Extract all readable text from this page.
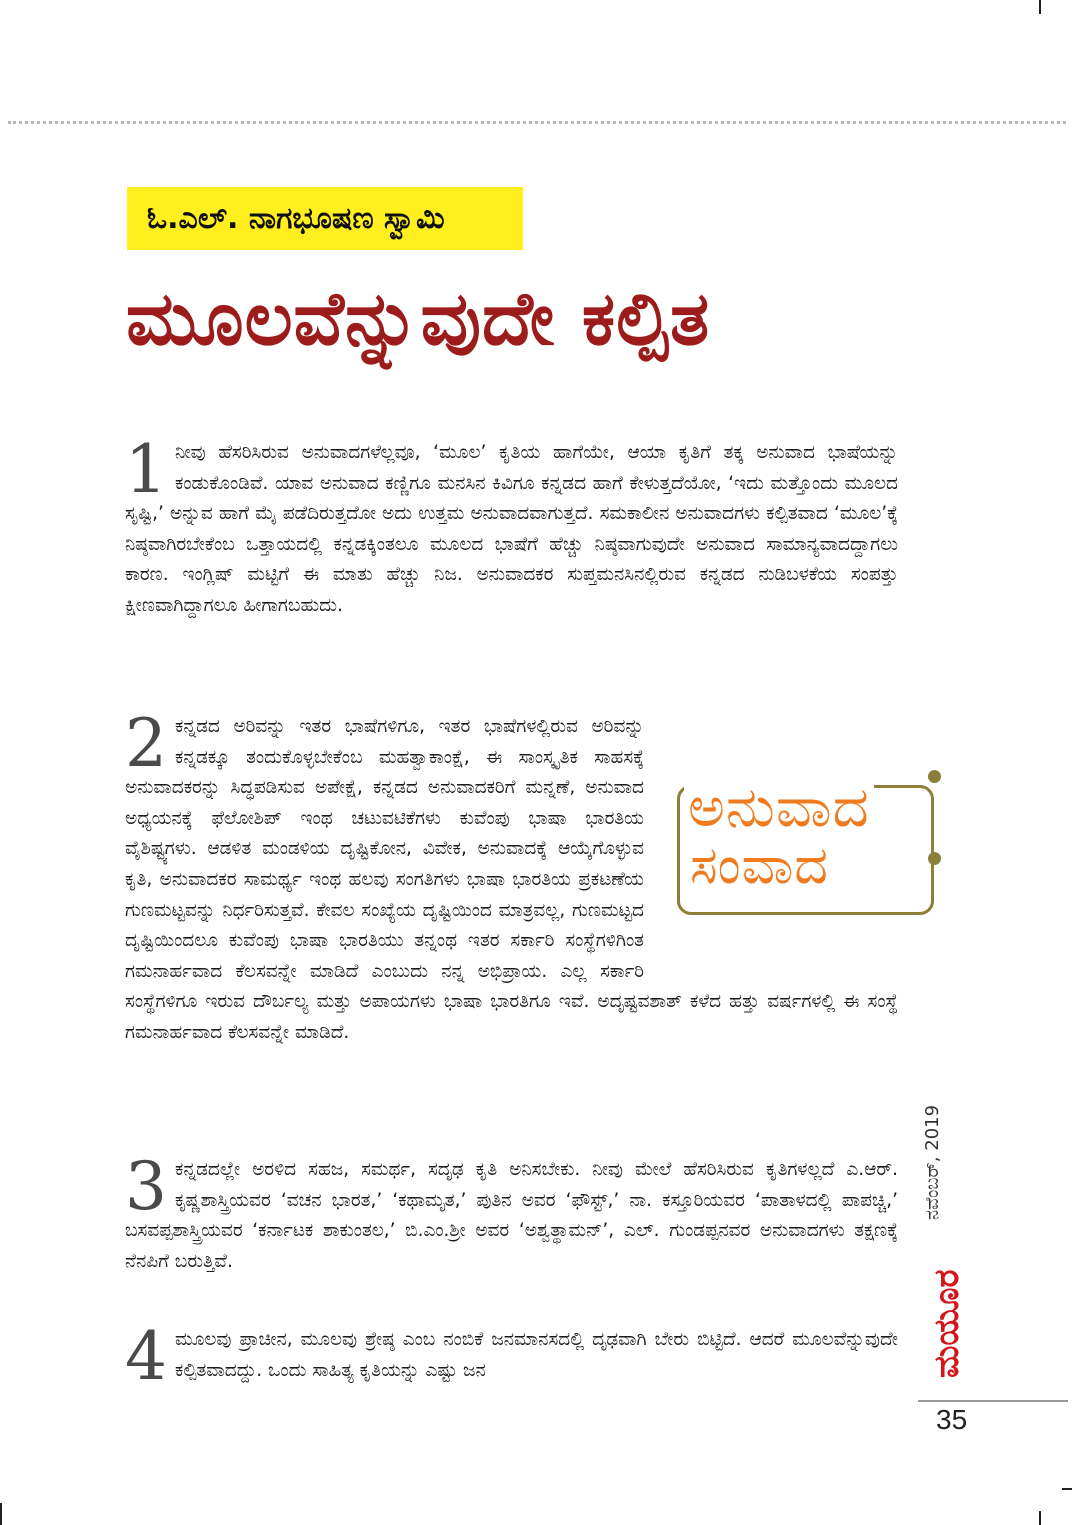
ಓ.ಎಲ್. ನಾಗಭೂಷಣ ಸ್ವಾಮಿ
ಮೂಲವೆನ್ನುವುದೇ ಕಲ್ಪಿತ
1 ನೀವು ಹೆಸರಿಸಿರುವ ಅನುವಾದಗಳೆಲ್ಲವೂ, ‘ಮೂಲ’ ಕೃತಿಯ ಹಾಗೆಯೇ, ಆಯಾ ಕೃತಿಗೆ ತಕ್ಕ ಅನುವಾದ ಭಾಷೆಯನ್ನು ಕಂಡುಕೊಂಡಿವೆ. ಯಾವ ಅನುವಾದ ಕಣ್ಣಿಗೂ ಮನಸಿನ ಕಿವಿಗೂ ಕನ್ನಡದ ಹಾಗೆ ಕೇಳುತ್ತದೆಯೋ, ‘ಇದು ಮತ್ತೊಂದು ಮೂಲದ ಸೃಷ್ಟಿ,’ ಅನ್ನುವ ಹಾಗೆ ಮೈ ಪಡೆದಿರುತ್ತದೋ ಅದು ಉತ್ತಮ ಅನುವಾದವಾಗುತ್ತದೆ. ಸಮಕಾಲೀನ ಅನುವಾದಗಳು ಕಲ್ಪಿತವಾದ ‘ಮೂಲ’ಕ್ಕೆ ನಿಷ್ಠವಾಗಿರಬೇಕೆಂಬ ಒತ್ತಾಯದಲ್ಲಿ ಕನ್ನಡಕ್ಕಿಂತಲೂ ಮೂಲದ ಭಾಷೆಗೆ ಹೆಚ್ಚು ನಿಷ್ಠವಾಗುವುದೇ ಅನುವಾದ ಸಾಮಾನ್ಯವಾದದ್ದಾಗಲು ಕಾರಣ. ಇಂಗ್ಲಿಷ್ ಮಟ್ಟಿಗೆ ಈ ಮಾತು ಹೆಚ್ಚು ನಿಜ. ಅನುವಾದಕರ ಸುಪ್ತಮನಸಿನಲ್ಲಿರುವ ಕನ್ನಡದ ನುಡಿಬಳಕೆಯ ಸಂಪತ್ತು ಕ್ಷೀಣವಾಗಿದ್ದಾಗಲೂ ಹೀಗಾಗಬಹುದು.
2 ಕನ್ನಡದ ಅರಿವನ್ನು ಇತರ ಭಾಷೆಗಳಿಗೂ, ಇತರ ಭಾಷೆಗಳಲ್ಲಿರುವ ಅರಿವನ್ನು ಕನ್ನಡಕ್ಕೂ ತಂದುಕೊಳ್ಳಬೇಕೆಂಬ ಮಹತ್ವಾಕಾಂಕ್ಷೆ, ಈ ಸಾಂಸ್ಕೃತಿಕ ಸಾಹಸಕ್ಕೆ ಅನುವಾದಕರನ್ನು ಸಿದ್ಧಪಡಿಸುವ ಅಪೇಕ್ಷೆ, ಕನ್ನಡದ ಅನುವಾದಕರಿಗೆ ಮನ್ನಣೆ, ಅನುವಾದ ಅಧ್ಯಯನಕ್ಕೆ ಫೆಲೋಶಿಪ್ ಇಂಥ ಚಟುವಟಿಕೆಗಳು ಕುವೆಂಪು ಭಾಷಾ ಭಾರತಿಯ ವೈಶಿಷ್ಟ್ಯಗಳು. ಆಡಳಿತ ಮಂಡಳಿಯ ದೃಷ್ಟಿಕೋನ, ವಿವೇಕ, ಅನುವಾದಕ್ಕೆ ಆಯ್ಕೆಗೊಳ್ಳುವ ಕೃತಿ, ಅನುವಾದಕರ ಸಾಮರ್ಥ್ಯ ಇಂಥ ಹಲವು ಸಂಗತಿಗಳು ಭಾಷಾ ಭಾರತಿಯ ಪ್ರಕಟಣೆಯ ಗುಣಮಟ್ಟವನ್ನು ನಿರ್ಧರಿಸುತ್ತವೆ. ಕೇವಲ ಸಂಖ್ಯೆಯ ದೃಷ್ಟಿಯಿಂದ ಮಾತ್ರವಲ್ಲ, ಗುಣಮಟ್ಟದ ದೃಷ್ಟಿಯಿಂದಲೂ ಕುವೆಂಪು ಭಾಷಾ ಭಾರತಿಯು ತನ್ನಂಥ ಇತರ ಸರ್ಕಾರಿ ಸಂಸ್ಥೆಗಳಿಗಿಂತ ಗಮನಾರ್ಹವಾದ ಕೆಲಸವನ್ನೇ ಮಾಡಿದೆ ಎಂಬುದು ನನ್ನ ಅಭಿಪ್ರಾಯ. ಎಲ್ಲ ಸರ್ಕಾರಿ ಸಂಸ್ಥೆಗಳಿಗೂ ಇರುವ ದೌರ್ಬಲ್ಯ ಮತ್ತು ಅಪಾಯಗಳು ಭಾಷಾ ಭಾರತಿಗೂ ಇವೆ. ಅದೃಷ್ಟವಶಾತ್ ಕಳೆದ ಹತ್ತು ವರ್ಷಗಳಲ್ಲಿ ಈ ಸಂಸ್ಥೆ ಗಮನಾರ್ಹವಾದ ಕೆಲಸವನ್ನೇ ಮಾಡಿದೆ.
3 ಕನ್ನಡದಲ್ಲೇ ಅರಳಿದ ಸಹಜ, ಸಮರ್ಥ, ಸದೃಢ ಕೃತಿ ಅನಿಸಬೇಕು. ನೀವು ಮೇಲೆ ಹೆಸರಿಸಿರುವ ಕೃತಿಗಳಲ್ಲದೆ ಎ.ಆರ್. ಕೃಷ್ಣಶಾಸ್ತ್ರಿಯವರ ‘ವಚನ ಭಾರತ,’ ‘ಕಥಾಮೃತ,’ ಪುತಿನ ಅವರ ‘ಫೌಸ್ಟ್,’ ನಾ. ಕಸ್ತೂರಿಯವರ ‘ಪಾತಾಳದಲ್ಲಿ ಪಾಪಚ್ಚಿ,’ ಬಸವಪ್ಪಶಾಸ್ತ್ರಿಯವರ ‘ಕರ್ನಾಟಕ ಶಾಕುಂತಲ,’ ಬಿ.ಎಂ.ಶ್ರೀ ಅವರ ‘ಅಶ್ವತ್ಥಾಮನ್’, ಎಲ್. ಗುಂಡಪ್ಪನವರ ಅನುವಾದಗಳು ತಕ್ಷಣಕ್ಕೆ ನೆನಪಿಗೆ ಬರುತ್ತಿವೆ.
4 ಮೂಲವು ಪ್ರಾಚೀನ, ಮೂಲವು ಶ್ರೇಷ್ಠ ಎಂಬ ನಂಬಿಕೆ ಜನಮಾನಸದಲ್ಲಿ ದೃಢವಾಗಿ ಬೇರು ಬಿಟ್ಟಿದೆ. ಆದರೆ ಮೂಲವೆನ್ನುವುದೇ ಕಲ್ಪಿತವಾದದ್ದು. ಒಂದು ಸಾಹಿತ್ಯ ಕೃತಿಯನ್ನು ಎಷ್ಟು ಜನ
ಅನುವಾದ
ಸಂವಾದ
ನವೆಂಬರ್, 2019
ಮಯೂರ
35
